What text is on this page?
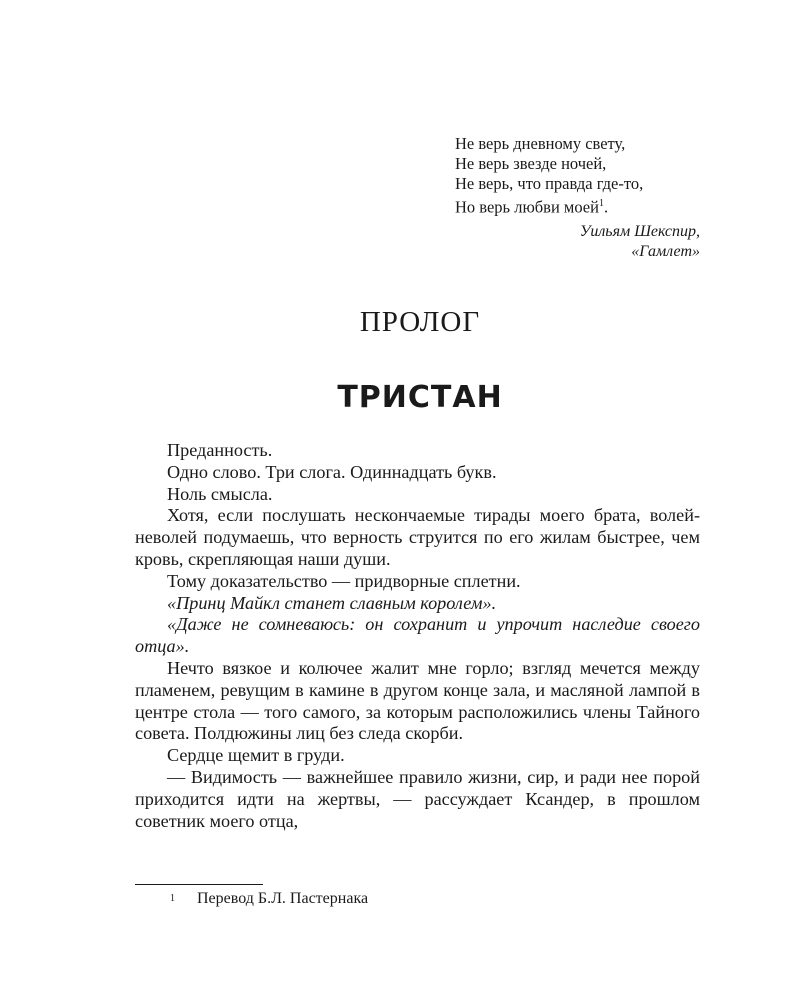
Не верь дневному свету,
Не верь звезде ночей,
Не верь, что правда где-то,
Но верь любви моей$^1$.
Уильям Шекспир,
«Гамлет»
ПРОЛОГ
ТРИСТАН

Преданность.

Одно слово. Три слога. Одиннадцать букв.

Ноль смысла.

Хотя, если послушать нескончаемые тирады моего брата, волей-неволей подумаешь, что верность струится по его жилам быстрее, чем кровь, скрепляющая наши души.

Тому доказательство — придворные сплетни.

«Принц Майкл станет славным королем».

«Даже не сомневаюсь: он сохранит и упрочит наследие своего отца».

Нечто вязкое и колючее жалит мне горло; взгляд мечется между пламенем, ревущим в камине в другом конце зала, и масляной лампой в центре стола — того самого, за которым расположились члены Тайного совета. Полдюжины лиц без следа скорби.

Сердце щемит в груди.

— Видимость — важнейшее правило жизни, сир, и ради нее порой приходится идти на жертвы, — рассуждает Ксандер, в прошлом советник моего отца,

$^1$ Перевод Б.Л. Пастернака
